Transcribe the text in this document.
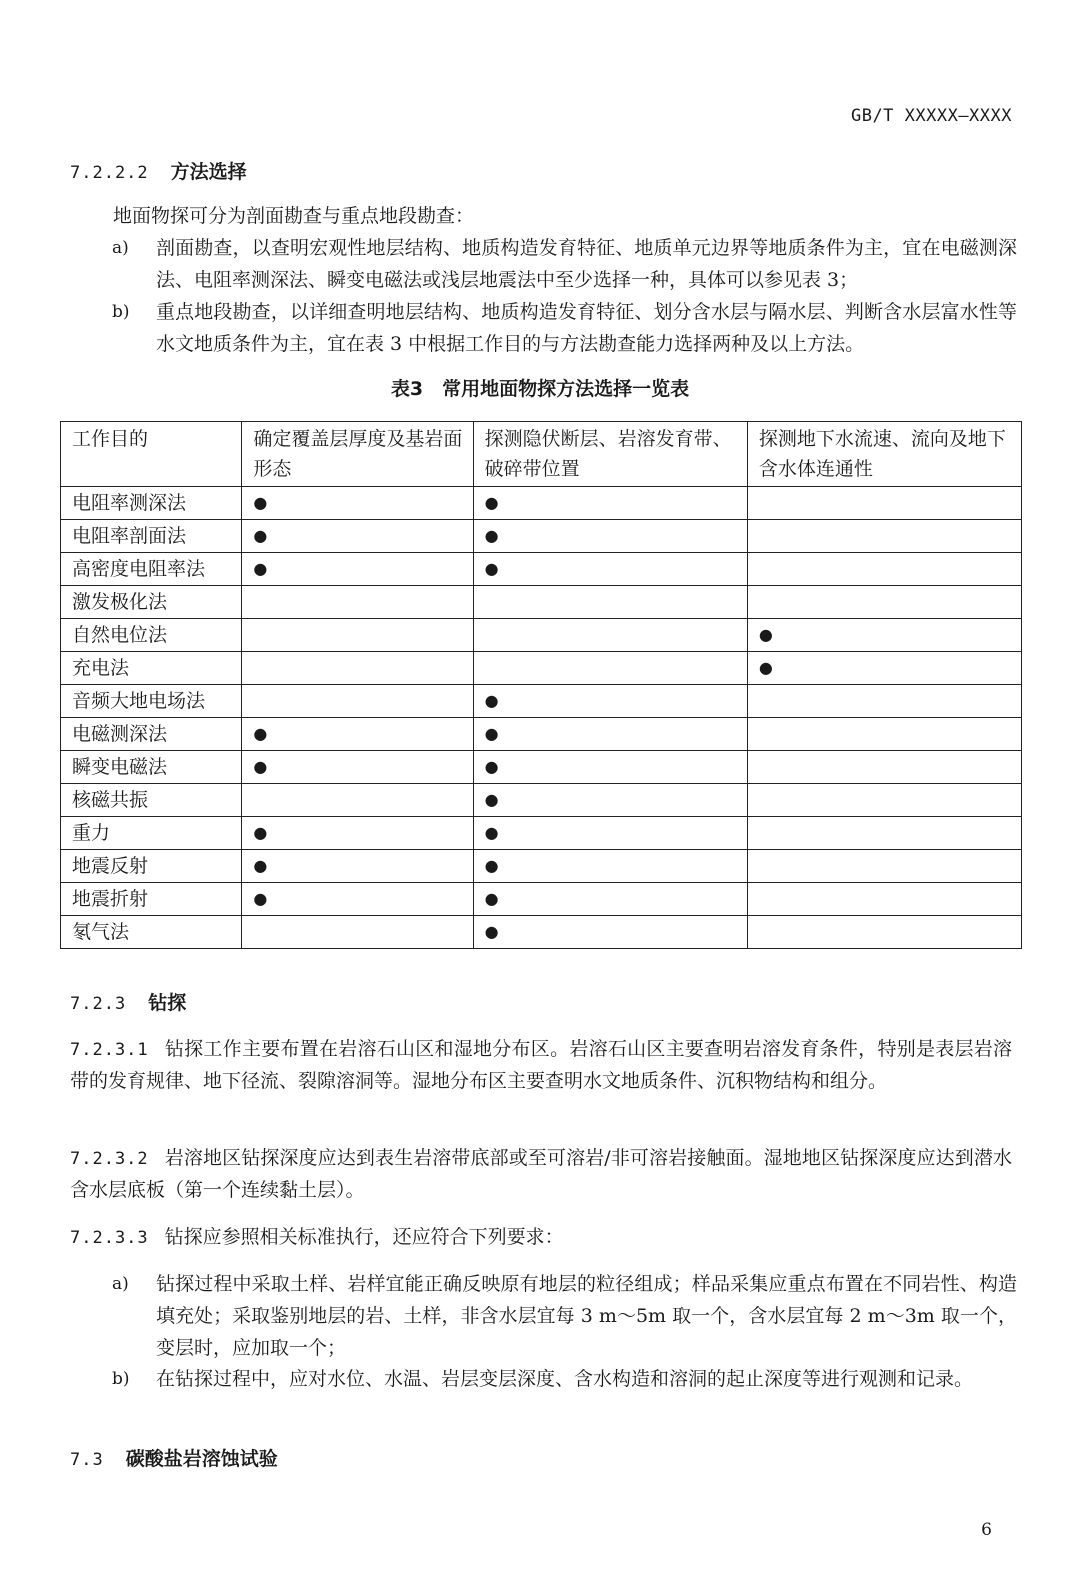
GB/T XXXXX—XXXX
7.2.2.2 方法选择
地面物探可分为剖面勘查与重点地段勘查：
a)	剖面勘查，以查明宏观性地层结构、地质构造发育特征、地质单元边界等地质条件为主，宜在电磁测深法、电阻率测深法、瞬变电磁法或浅层地震法中至少选择一种，具体可以参见表 3；
b)	重点地段勘查，以详细查明地层结构、地质构造发育特征、划分含水层与隔水层、判断含水层富水性等水文地质条件为主，宜在表 3 中根据工作目的与方法勘查能力选择两种及以上方法。
表3　常用地面物探方法选择一览表
工作目的	确定覆盖层厚度及基岩面形态	探测隐伏断层、岩溶发育带、破碎带位置	探测地下水流速、流向及地下含水体连通性
电阻率测深法	●	●	
电阻率剖面法	●	●	
高密度电阻率法	●	●	
激发极化法			
自然电位法			●
充电法			●
音频大地电场法		●	
电磁测深法	●	●	
瞬变电磁法	●	●	
核磁共振		●	
重力	●	●	
地震反射	●	●	
地震折射	●	●	
氡气法		●	
7.2.3 钻探
7.2.3.1 钻探工作主要布置在岩溶石山区和湿地分布区。岩溶石山区主要查明岩溶发育条件，特别是表层岩溶带的发育规律、地下径流、裂隙溶洞等。湿地分布区主要查明水文地质条件、沉积物结构和组分。
7.2.3.2 岩溶地区钻探深度应达到表生岩溶带底部或至可溶岩/非可溶岩接触面。湿地地区钻探深度应达到潜水含水层底板（第一个连续黏土层）。
7.2.3.3 钻探应参照相关标准执行，还应符合下列要求：
a)	钻探过程中采取土样、岩样宜能正确反映原有地层的粒径组成；样品采集应重点布置在不同岩性、构造填充处；采取鉴别地层的岩、土样，非含水层宜每 3 m～5m 取一个，含水层宜每 2 m～3m 取一个，变层时，应加取一个；
b)	在钻探过程中，应对水位、水温、岩层变层深度、含水构造和溶洞的起止深度等进行观测和记录。
7.3 碳酸盐岩溶蚀试验
6
